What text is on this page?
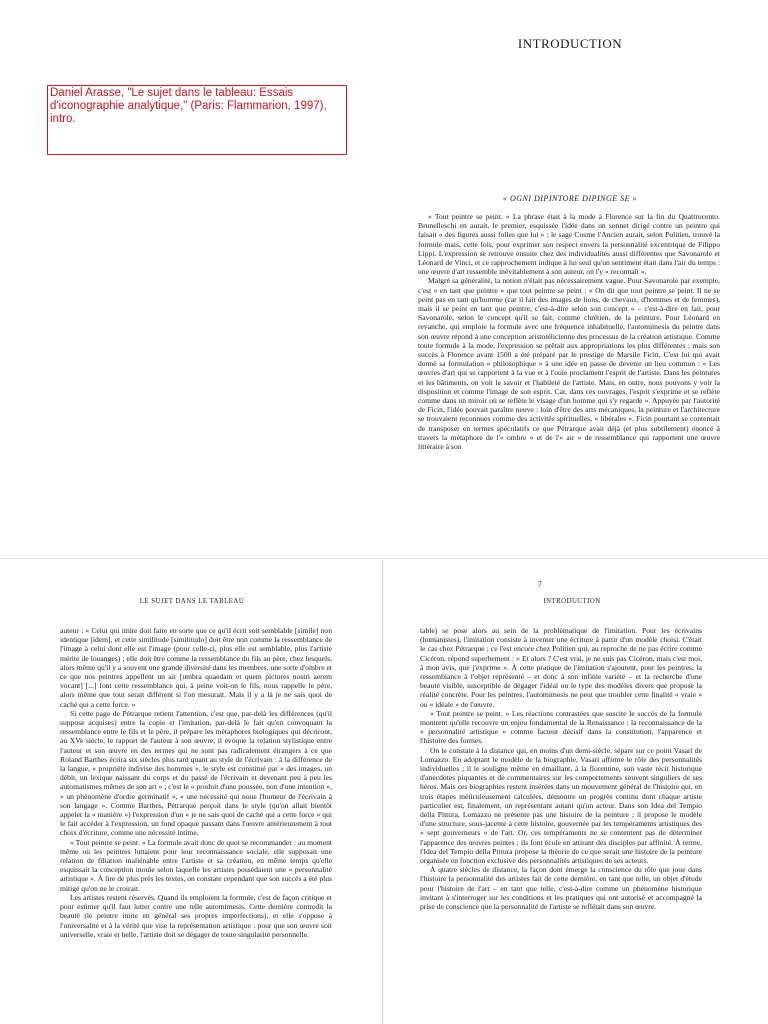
INTRODUCTION
Daniel Arasse, "Le sujet dans le tableau: Essais d'iconographie analytique," (Paris: Flammarion, 1997), intro.
« OGNI DIPINTORE DIPINGE SE »

« Tout peintre se peint. » La phrase était à la mode à Florence sur la fin du Quattrocento. Brunelleschi en aurait, le premier, esquissée l'idée dans un sonnet dirigé contre un peintre qui faisait « des figures aussi folles que lui » ; le sage Cosme l'Ancien aurait, selon Politien, trouvé la formule mais, cette fois, pour exprimer son respect envers la personnalité excentrique de Filippo Lippi. L'expression se retrouve ensuite chez des individualités aussi différentes que Savonarole et Léonard de Vinci, et ce rapprochement indique à lui seul qu'un sentiment était dans l'air du temps : une œuvre d'art ressemble inévitablement à son auteur, on l'y « reconnaît ».

Malgré sa généralité, la notion n'était pas nécessairement vague. Pour Savonarole par exemple, c'est « en tant que peintre » que tout peintre se peint : « On dit que tout peintre se peint. Il ne se peint pas en tant qu'homme (car il fait des images de lions, de chevaux, d'hommes et de femmes), mais il se peint en tant que peintre, c'est-à-dire selon son concept » – c'est-à-dire en fait, pour Savonarole, selon le concept qu'il se fait, comme chrétien, de la peinture. Pour Léonard en revanche, qui emploie la formule avec une fréquence inhabituelle, l'automimesis du peintre dans son œuvre répond à une conception aristotélicienne des processus de la création artistique. Comme toute formule à la mode, l'expression se prêtait aux appropriations les plus différentes ; mais son succès à Florence avant 1500 a été préparé par le prestige de Marsile Ficin. C'est lui qui avait donné sa formulation « philosophique » à une idée en passe de devenir un lieu commun : « Les œuvres d'art qui se rapportent à la vue et à l'ouïe proclament l'esprit de l'artiste. Dans les peintures et les bâtiments, on voit le savoir et l'habileté de l'artiste. Mais, en outre, nous pouvons y voir la disposition et comme l'image de son esprit. Car, dans ces ouvrages, l'esprit s'exprime et se reflète comme dans un miroir où se reflète le visage d'un homme qui s'y regarde ». Appuyée par l'autorité de Ficin, l'idée pouvait paraître neuve : loin d'être des arts mécaniques, la peinture et l'architecture se trouvaient reconnues comme des activités spirituelles, « libérales ». Ficin pourtant se contentait de transposer en termes spéculatifs ce que Pétrarque avait déjà (et plus subtilement) énoncé à travers la métaphore de l'« ombre » et de l'« air » de ressemblance qui rapportent une œuvre littéraire à son

7
LE SUJET DANS LE TABLEAU

auteur : « Celui qui imite doit faire en sorte que ce qu'il écrit soit semblable [simile] non identique [idem], et cette similitude [similitudo] doit être non comme la ressemblance de l'image à celui dont elle est l'image (pour celle-ci, plus elle est semblable, plus l'artiste mérite de louanges) ; elle doit être comme la ressemblance du fils au père, chez lesquels, alors même qu'il y a souvent une grande diversité dans les membres, une sorte d'ombre et ce que nos peintres appellent un air [umbra quaedam et quem pictores nostri aerem vocant] [...] font cette ressemblance qui, à peine voit-on le fils, nous rappelle le père, alors même que tout serait différent si l'on mesurait. Mais il y a là je ne sais quoi de caché qui a cette force. »

Si cette page de Pétrarque retient l'attention, c'est que, par-delà les différences (qu'il suppose acquises) entre la copie et l'imitation, par-delà le fait qu'en convoquant la ressemblance entre le fils et le père, il prépare les métaphores biologiques qui décriront, au XVe siècle, le rapport de l'auteur à son œuvre, il évoque la relation stylistique entre l'auteur et son œuvre en des termes qui ne sont pas radicalement étrangers à ce que Roland Barthes écrira six siècles plus tard quant au style de l'écrivain : à la différence de la langue, « propriété indivise des hommes », le style est constitué par « des images, un débit, un lexique naissant du corps et du passé de l'écrivain et devenant peu à peu les automatismes mêmes de son art » ; c'est le « produit d'une poussée, non d'une intention », « un phénomène d'ordre germinatif », « une nécessité qui noue l'humeur de l'écrivain à son langage ». Comme Barthes, Pétrarque perçoit dans le style (qu'on allait bientôt appeler la « manière ») l'expression d'un « je ne sais quoi de caché qui a cette force » qui le fait accéder à l'expression, un fond opaque passant dans l'œuvre antérieurement à tout choix d'écriture, comme une nécessité intime.

« Tout peintre se peint. » La formule avait donc de quoi se recommander : au moment même où les peintres luttaient pour leur reconnaissance sociale, elle supposait une relation de filiation inaliénable entre l'artiste et sa création, en même temps qu'elle esquissait la conception inouïe selon laquelle les artistes possédaient une « personnalité artistique ». À lire de plus près les textes, on constate cependant que son succès a été plus mitigé qu'on ne le croirait.

Les artistes restent réservés. Quand ils emploient la formule, c'est de façon critique et pour estimer qu'il faut lutter contre une telle automimesis. Cette dernière contredit la beauté (le peintre imite en général ses propres imperfections), et elle s'oppose à l'universalité et à la vérité que vise la représentation artistique : pour que son œuvre soit universelle, vraie et belle, l'artiste doit se dégager de toute singularité personnelle.

INTRODUCTION

table) se pose alors au sein de la problématique de l'imitation. Pour les écrivains (humanistes), l'imitation consiste à inventer une écriture à partir d'un modèle choisi. C'était le cas chez Pétrarque ; ce l'est encore chez Politien qui, au reproche de ne pas écrire comme Cicéron, répond superbement : « Et alors ? C'est vrai, je ne suis pas Cicéron, mais c'est moi, à mon avis, que j'exprime ». À cette pratique de l'imitation s'ajoutent, pour les peintres, la ressemblance à l'objet représenté – et donc à son infinie variété – et la recherche d'une beauté visible, susceptible de dégager l'idéal ou le type des modèles divers que propose la réalité concrète. Pour les peintres, l'automimesis ne peut que troubler cette finalité « vraie » ou « idéale » de l'œuvre.

« Tout peintre se peint. » Les réactions contrastées que suscite le succès de la formule montrent qu'elle recouvre un enjeu fondamental de la Renaissance : la reconnaissance de la « personnalité artistique » comme facteur décisif dans la constitution, l'apparence et l'histoire des formes.

On le constate à la distance qui, en moins d'un demi-siècle, sépare sur ce point Vasari de Lomazzo. En adoptant le modèle de la biographie, Vasari affirme le rôle des personnalités individuelles ; il le souligne même en émaillant, à la florentine, son vaste récit historique d'anecdotes piquantes et de commentaires sur les comportements souvent singuliers de ses héros. Mais ces biographies restent insérées dans un mouvement général de l'histoire qui, en trois étapes méticuleusement calculées, démontre un progrès continu dont chaque artiste particulier est, finalement, un représentant autant qu'un acteur. Dans son Idea del Tempio della Pittura, Lomazzo ne présente pas une histoire de la peinture ; il propose le modèle d'une structure, sous-jacente à cette histoire, gouvernée par les tempéraments artistiques des « sept gouverneurs » de l'art. Or, ces tempéraments ne se contentent pas de déterminer l'apparence des œuvres peintes ; ils font école en attirant des disciples par affinité. À terme, l'Idea del Tempio della Pittura propose la théorie de ce que serait une histoire de la peinture organisée en fonction exclusive des personnalités artistiques de ses acteurs.

À quatre siècles de distance, la façon dont émerge la conscience du rôle que joue dans l'histoire la personnalité des artistes fait de cette dernière, en tant que telle, un objet d'étude pour l'histoire de l'art – en tant que telle, c'est-à-dire comme un phénomène historique invitant à s'interroger sur les conditions et les pratiques qui ont autorisé et accompagné la prise de conscience que la personnalité de l'artiste se reflétait dans son œuvre.
